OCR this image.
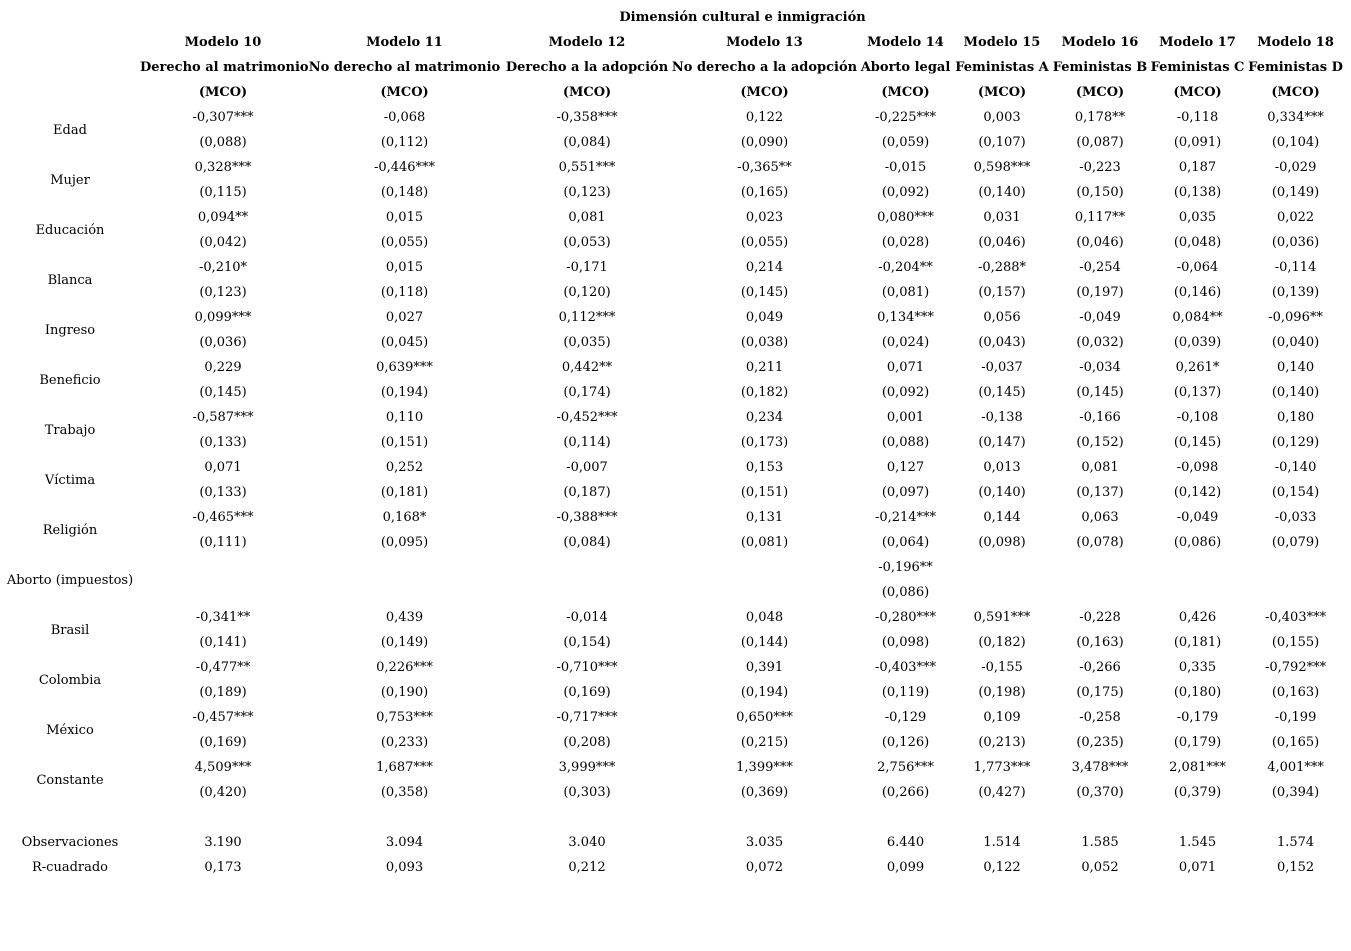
	Dimensión cultural e inmigración								
	Modelo 10	Modelo 11	Modelo 12	Modelo 13	Modelo 14	Modelo 15	Modelo 16	Modelo 17	Modelo 18
	Derecho al matrimonio	No derecho al matrimonio	Derecho a la adopción	No derecho a la adopción	Aborto legal	Feministas A	Feministas B	Feministas C	Feministas D
	(MCO)	(MCO)	(MCO)	(MCO)	(MCO)	(MCO)	(MCO)	(MCO)	(MCO)
Edad	-0,307***	-0,068	-0,358***	0,122	-0,225***	0,003	0,178**	-0,118	0,334***
	(0,088)	(0,112)	(0,084)	(0,090)	(0,059)	(0,107)	(0,087)	(0,091)	(0,104)
Mujer	0,328***	-0,446***	0,551***	-0,365**	-0,015	0,598***	-0,223	0,187	-0,029
	(0,115)	(0,148)	(0,123)	(0,165)	(0,092)	(0,140)	(0,150)	(0,138)	(0,149)
Educación	0,094**	0,015	0,081	0,023	0,080***	0,031	0,117**	0,035	0,022
	(0,042)	(0,055)	(0,053)	(0,055)	(0,028)	(0,046)	(0,046)	(0,048)	(0,036)
Blanca	-0,210*	0,015	-0,171	0,214	-0,204**	-0,288*	-0,254	-0,064	-0,114
	(0,123)	(0,118)	(0,120)	(0,145)	(0,081)	(0,157)	(0,197)	(0,146)	(0,139)
Ingreso	0,099***	0,027	0,112***	0,049	0,134***	0,056	-0,049	0,084**	-0,096**
	(0,036)	(0,045)	(0,035)	(0,038)	(0,024)	(0,043)	(0,032)	(0,039)	(0,040)
Beneficio	0,229	0,639***	0,442**	0,211	0,071	-0,037	-0,034	0,261*	0,140
	(0,145)	(0,194)	(0,174)	(0,182)	(0,092)	(0,145)	(0,145)	(0,137)	(0,140)
Trabajo	-0,587***	0,110	-0,452***	0,234	0,001	-0,138	-0,166	-0,108	0,180
	(0,133)	(0,151)	(0,114)	(0,173)	(0,088)	(0,147)	(0,152)	(0,145)	(0,129)
Víctima	0,071	0,252	-0,007	0,153	0,127	0,013	0,081	-0,098	-0,140
	(0,133)	(0,181)	(0,187)	(0,151)	(0,097)	(0,140)	(0,137)	(0,142)	(0,154)
Religión	-0,465***	0,168*	-0,388***	0,131	-0,214***	0,144	0,063	-0,049	-0,033
	(0,111)	(0,095)	(0,084)	(0,081)	(0,064)	(0,098)	(0,078)	(0,086)	(0,079)
Aborto (impuestos)					-0,196**				
					(0,086)				
Brasil	-0,341**	0,439	-0,014	0,048	-0,280***	0,591***	-0,228	0,426	-0,403***
	(0,141)	(0,149)	(0,154)	(0,144)	(0,098)	(0,182)	(0,163)	(0,181)	(0,155)
Colombia	-0,477**	0,226***	-0,710***	0,391	-0,403***	-0,155	-0,266	0,335	-0,792***
	(0,189)	(0,190)	(0,169)	(0,194)	(0,119)	(0,198)	(0,175)	(0,180)	(0,163)
México	-0,457***	0,753***	-0,717***	0,650***	-0,129	0,109	-0,258	-0,179	-0,199
	(0,169)	(0,233)	(0,208)	(0,215)	(0,126)	(0,213)	(0,235)	(0,179)	(0,165)
Constante	4,509***	1,687***	3,999***	1,399***	2,756***	1,773***	3,478***	2,081***	4,001***
	(0,420)	(0,358)	(0,303)	(0,369)	(0,266)	(0,427)	(0,370)	(0,379)	(0,394)

Observaciones	3.190	3.094	3.040	3.035	6.440	1.514	1.585	1.545	1.574
R-cuadrado	0,173	0,093	0,212	0,072	0,099	0,122	0,052	0,071	0,152
